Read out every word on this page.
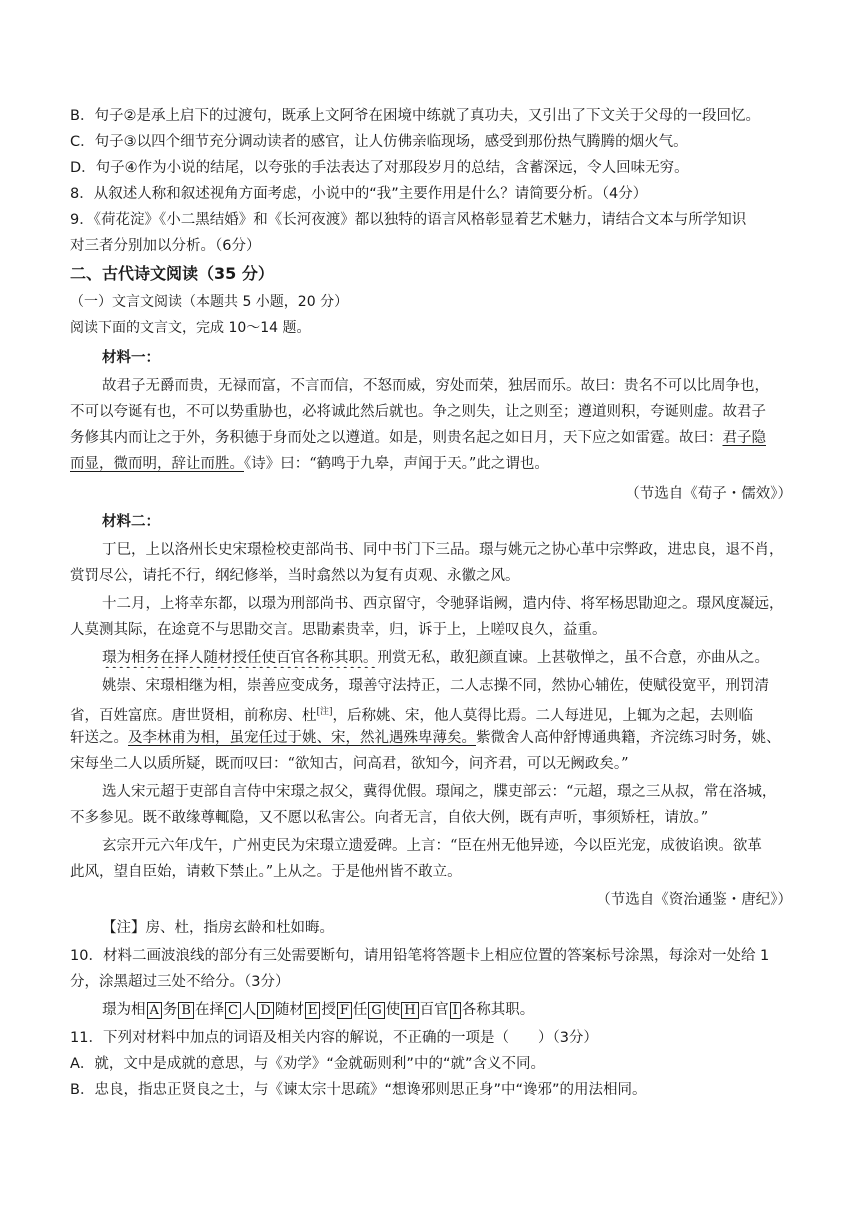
B．句子②是承上启下的过渡句，既承上文阿爷在困境中练就了真功夫，又引出了下文关于父母的一段回忆。
C．句子③以四个细节充分调动读者的感官，让人仿佛亲临现场，感受到那份热气腾腾的烟火气。
D．句子④作为小说的结尾，以夸张的手法表达了对那段岁月的总结，含蓄深远，令人回味无穷。
8．从叙述人称和叙述视角方面考虑，小说中的“我”主要作用是什么？请简要分析。（4分）
9．《荷花淀》《小二黑结婚》和《长河夜渡》都以独特的语言风格彰显着艺术魅力，请结合文本与所学知识
对三者分别加以分析。（6分）
二、古代诗文阅读（35 分）
（一）文言文阅读（本题共 5 小题，20 分）
阅读下面的文言文，完成 10～14 题。
材料一：
故君子无爵而贵，无禄而富，不言而信，不怒而威，穷处而荣，独居而乐。故曰：贵名不可以比周争也，
不可以夸诞有也，不可以势重胁也，必将诚此然后就也。争之则失，让之则至；遵道则积，夸诞则虚。故君子
务修其内而让之于外，务积德于身而处之以遵道。如是，则贵名起之如日月，天下应之如雷霆。故曰：君子隐
而显，微而明，辞让而胜。《诗》曰：“鹤鸣于九皋，声闻于天。”此之谓也。
（节选自《荀子・儒效》）
材料二：
丁巳，上以洛州长史宋璟检校吏部尚书、同中书门下三品。璟与姚元之协心革中宗弊政，进忠良，退不肖，
赏罚尽公，请托不行，纲纪修举，当时翕然以为复有贞观、永徽之风。
十二月，上将幸东都，以璟为刑部尚书、西京留守，令驰驿诣阙，遣内侍、将军杨思勖迎之。璟风度凝远，
人莫测其际，在途竟不与思勖交言。思勖素贵幸，归，诉于上，上嗟叹良久，益重。
璟为相务在择人随材授任使百官各称其职。刑赏无私，敢犯颜直谏。上甚敬惮之，虽不合意，亦曲从之。
姚崇、宋璟相继为相，崇善应变成务，璟善守法持正，二人志操不同，然协心辅佐，使赋役宽平，刑罚清
省，百姓富庶。唐世贤相，前称房、杜[注]，后称姚、宋，他人莫得比焉。二人每进见，上辄为之起，去则临
轩送之。及李林甫为相，虽宠任过于姚、宋，然礼遇殊卑薄矣。紫微舍人高仲舒博通典籍，齐浣练习时务，姚、
宋每坐二人以质所疑，既而叹曰：“欲知古，问高君，欲知今，问齐君，可以无阙政矣。”
选人宋元超于吏部自言侍中宋璟之叔父，冀得优假。璟闻之，牒吏部云：“元超，璟之三从叔，常在洛城，
不多参见。既不敢缘尊輒隐，又不愿以私害公。向者无言，自依大例，既有声听，事须矫枉，请放。”
玄宗开元六年戊午，广州吏民为宋璟立遗爱碑。上言：“臣在州无他异迹，今以臣光宠，成彼谄谀。欲革
此风，望自臣始，请敕下禁止。”上从之。于是他州皆不敢立。
（节选自《资治通鉴・唐纪》）
【注】房、杜，指房玄龄和杜如晦。
10．材料二画波浪线的部分有三处需要断句，请用铅笔将答题卡上相应位置的答案标号涂黑，每涂对一处给 1
分，涂黑超过三处不给分。（3分）
璟为相 A 务 B 在择 C 人 D 随材 E 授 F 任 G 使 H 百官 I 各称其职。
11．下列对材料中加点的词语及相关内容的解说，不正确的一项是（　　）（3分）
A．就，文中是成就的意思，与《劝学》“金就砺则利”中的“就”含义不同。
B．忠良，指忠正贤良之士，与《谏太宗十思疏》“想谗邪则思正身”中“谗邪”的用法相同。
